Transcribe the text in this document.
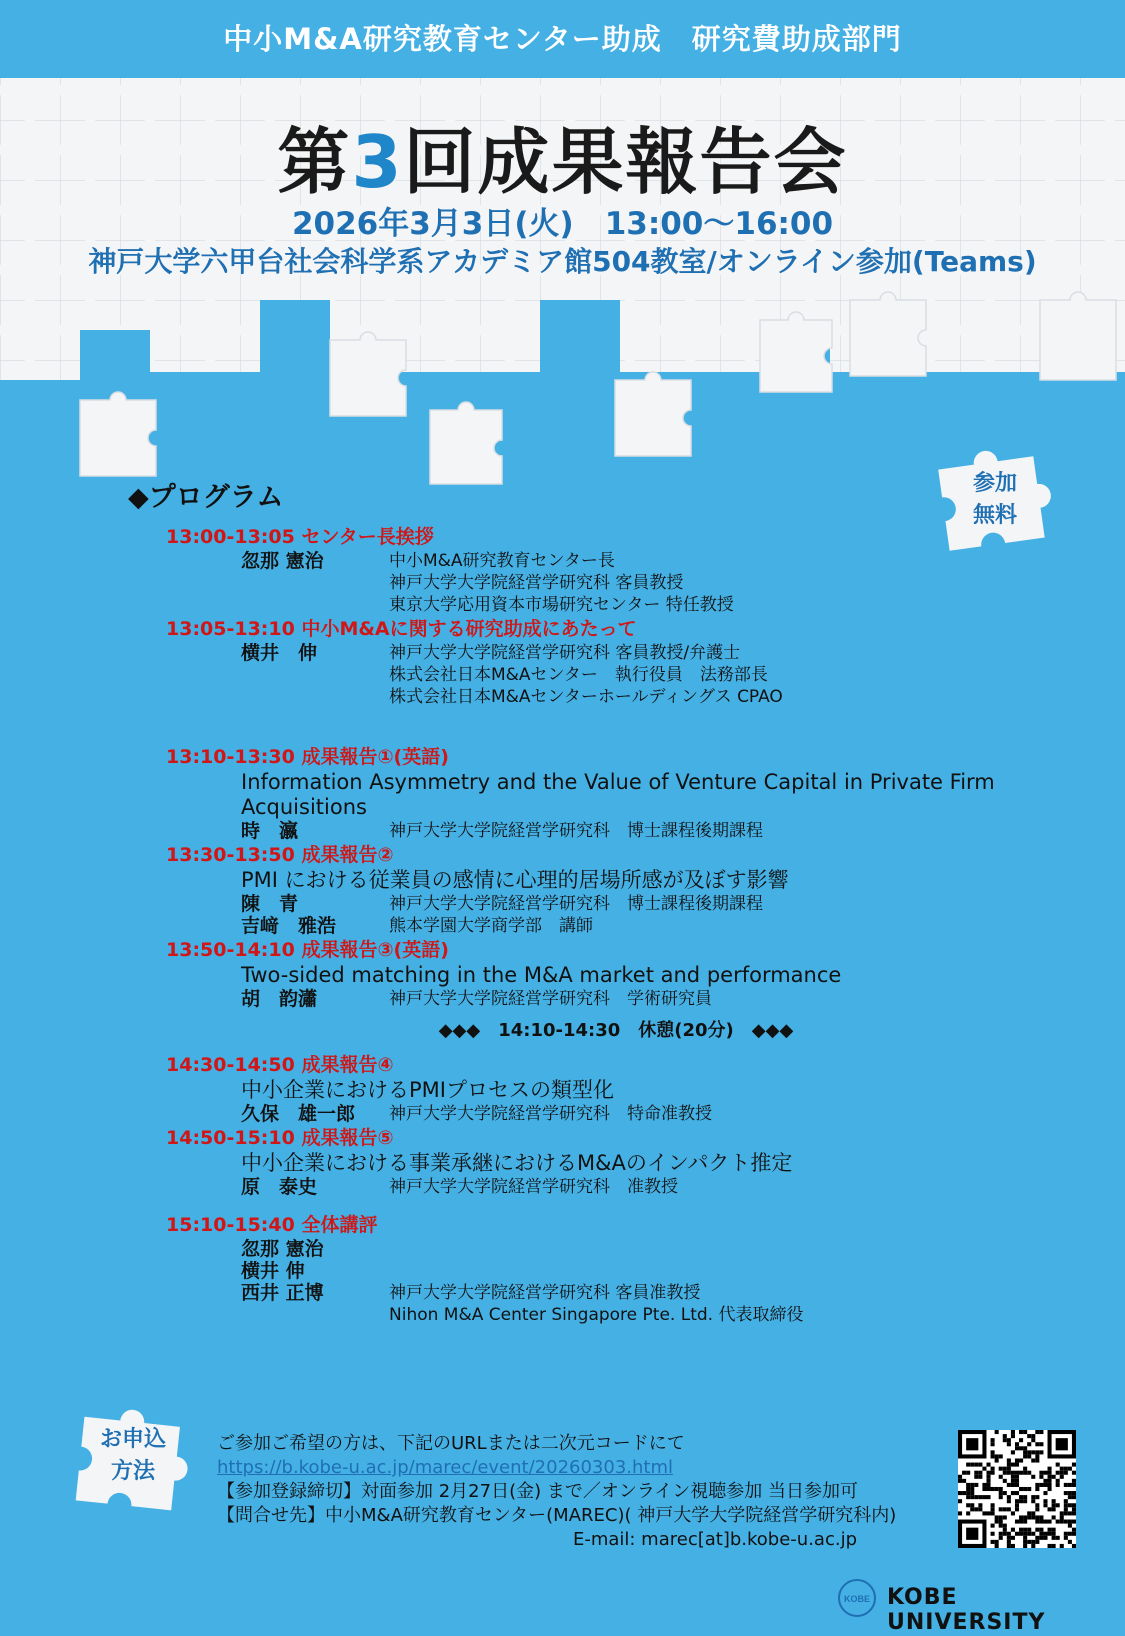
中小M&A研究教育センター助成　研究費助成部門
第3回成果報告会
2026年3月3日(火)　13:00～16:00
神戸大学六甲台社会科学系アカデミア館504教室/オンライン参加(Teams)
◆プログラム	参加
無料
13:00-13:05 センター長挨拶
忽那 憲治	中小M&A研究教育センター長
神戸大学大学院経営学研究科 客員教授
東京大学応用資本市場研究センター 特任教授
13:05-13:10 中小M&Aに関する研究助成にあたって
横井　伸	神戸大学大学院経営学研究科 客員教授/弁護士
株式会社日本M&Aセンター　執行役員　法務部長
株式会社日本M&Aセンターホールディングス CPAO
13:10-13:30 成果報告①(英語)
Information Asymmetry and the Value of Venture Capital in Private Firm Acquisitions
時　瀛	神戸大学大学院経営学研究科　博士課程後期課程
13:30-13:50 成果報告②
PMI における従業員の感情に心理的居場所感が及ぼす影響
陳　青	神戸大学大学院経営学研究科　博士課程後期課程
吉﨑　雅浩	熊本学園大学商学部　講師
13:50-14:10 成果報告③(英語)
Two-sided matching in the M&A market and performance
胡　韵瀟	神戸大学大学院経営学研究科　学術研究員
◆◆◆　14:10-14:30　休憩(20分)　◆◆◆
14:30-14:50 成果報告④
中小企業におけるPMIプロセスの類型化
久保　雄一郎	神戸大学大学院経営学研究科　特命准教授
14:50-15:10 成果報告⑤
中小企業における事業承継におけるM&Aのインパクト推定
原　泰史	神戸大学大学院経営学研究科　准教授
15:10-15:40 全体講評
忽那 憲治
横井 伸
西井 正博	神戸大学大学院経営学研究科 客員准教授
Nihon M&A Center Singapore Pte. Ltd. 代表取締役
お申込
方法
ご参加ご希望の方は、下記のURLまたは二次元コードにて
https://b.kobe-u.ac.jp/marec/event/20260303.html
【参加登録締切】対面参加 2月27日(金) まで／オンライン視聴参加 当日参加可
【問合せ先】中小M&A研究教育センター(MAREC)( 神戸大学大学院経営学研究科内)
E-mail: marec[at]b.kobe-u.ac.jp
KOBE KOBE UNIVERSITY
